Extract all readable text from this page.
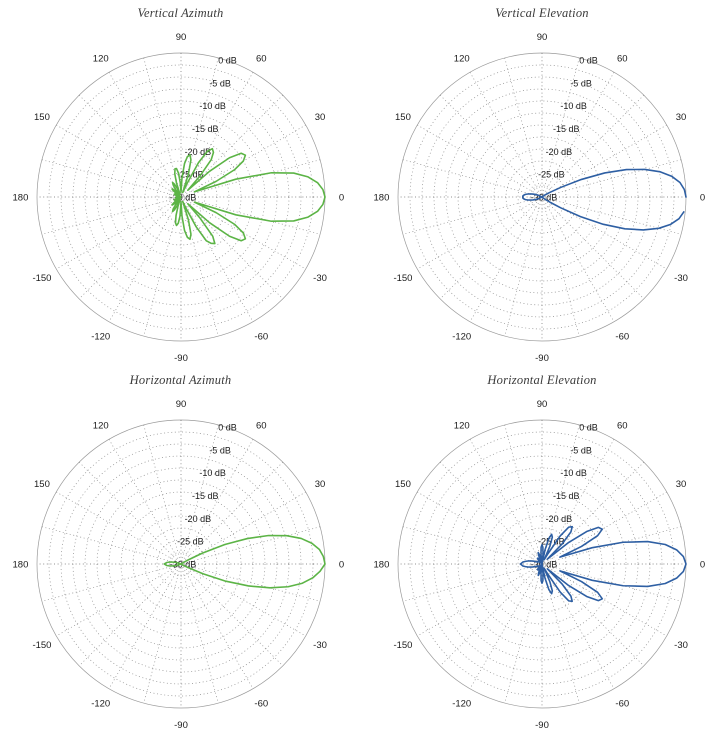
Vertical Azimuth
0
30
60
90
120
150
180
-150
-120
-90
-60
-30
0 dB
-5 dB
-10 dB
-15 dB
-20 dB
-25 dB
-30 dB
Vertical Elevation
0
30
60
90
120
150
180
-150
-120
-90
-60
-30
0 dB
-5 dB
-10 dB
-15 dB
-20 dB
-25 dB
-30 dB
Horizontal Azimuth
0
30
60
90
120
150
180
-150
-120
-90
-60
-30
0 dB
-5 dB
-10 dB
-15 dB
-20 dB
-25 dB
-30 dB
Horizontal Elevation
0
30
60
90
120
150
180
-150
-120
-90
-60
-30
0 dB
-5 dB
-10 dB
-15 dB
-20 dB
-25 dB
-30 dB
